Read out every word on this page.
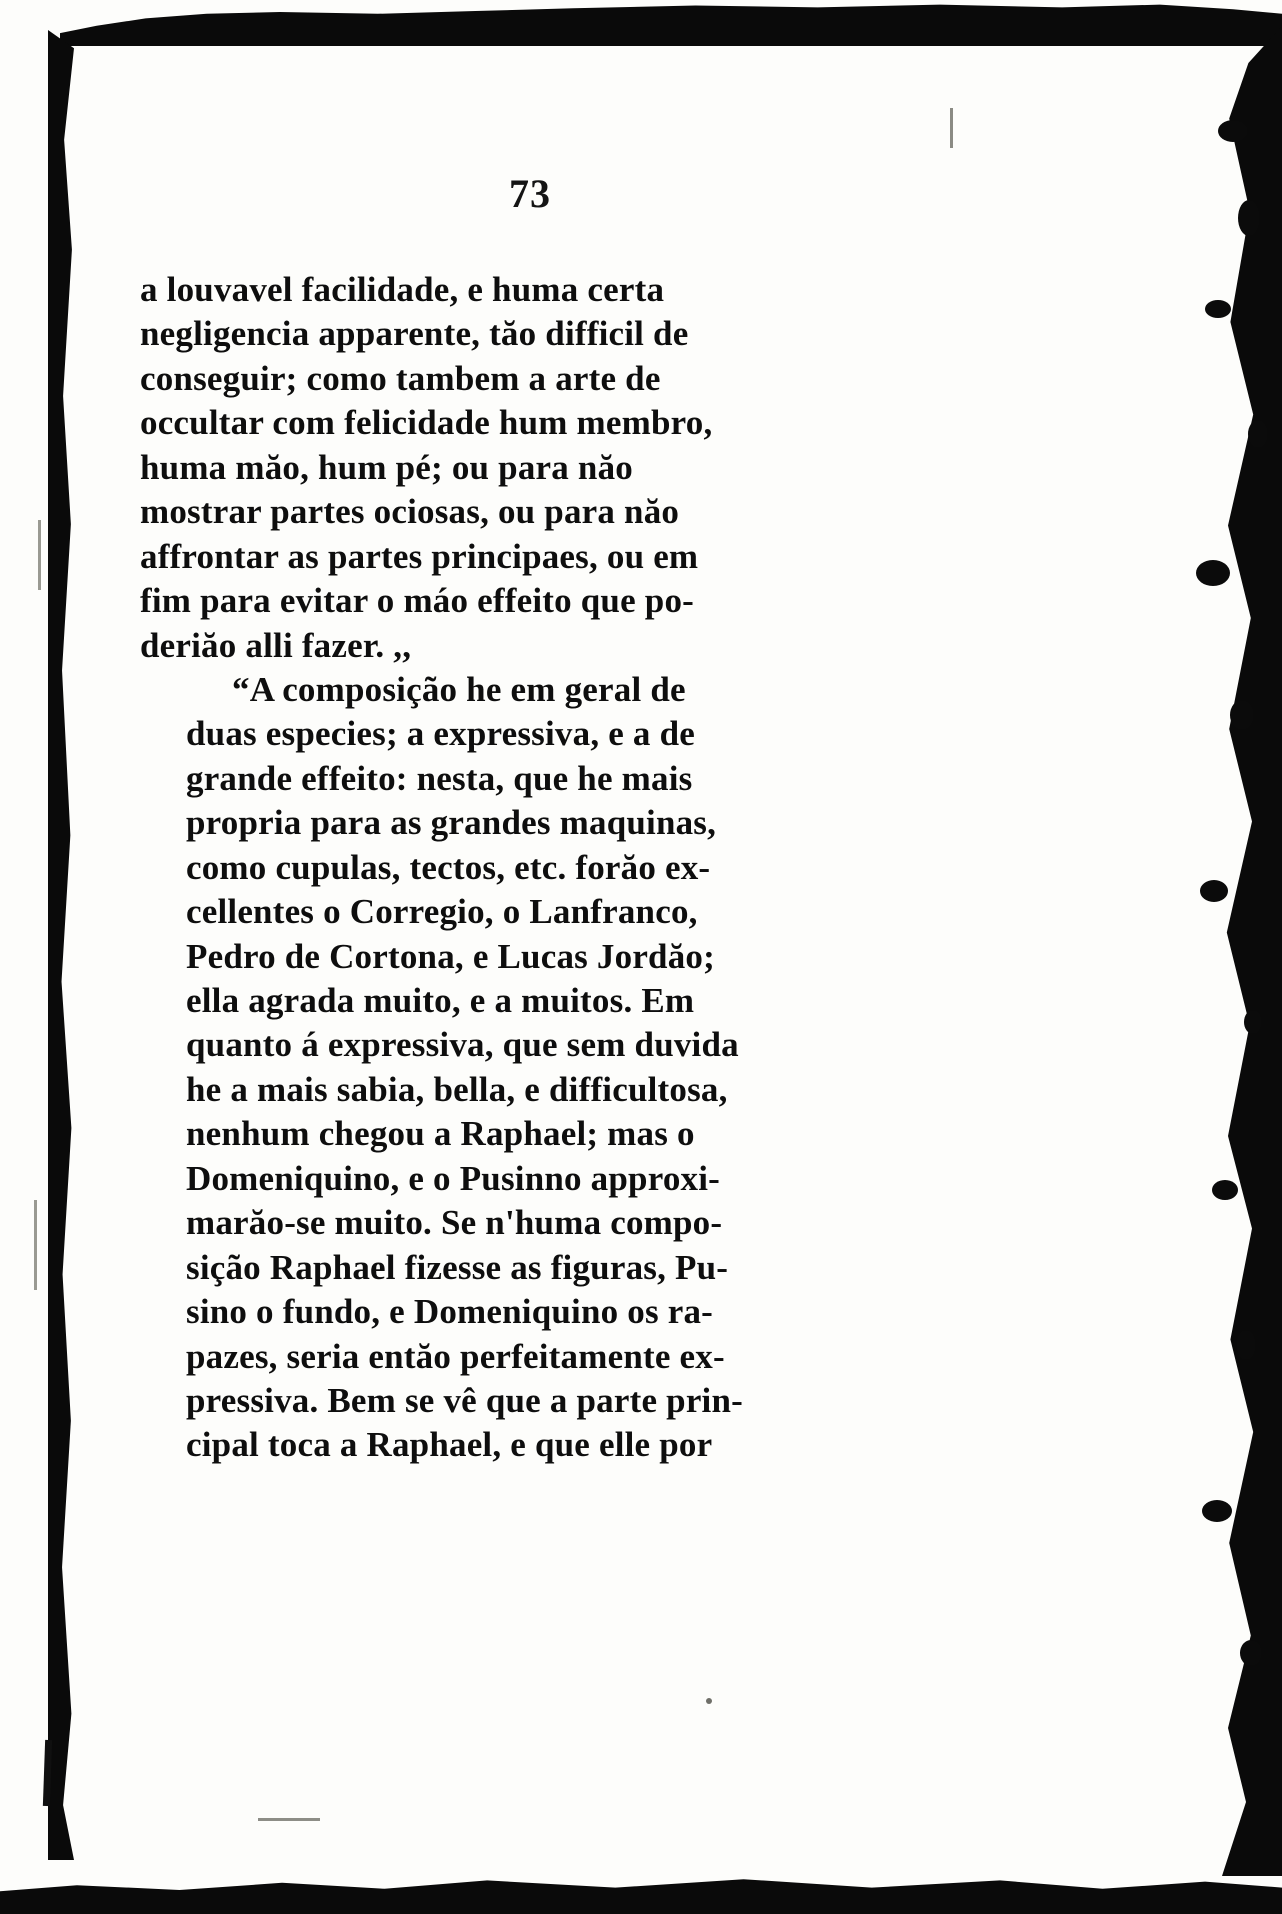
73

a louvavel facilidade, e huma certa
negligencia apparente, tăo difficil de
conseguir; como tambem a arte de
occultar com felicidade hum membro,
huma măo, hum pé; ou para năo
mostrar partes ociosas, ou para năo
affrontar as partes principaes, ou em
fim para evitar o máo effeito que po-
deriăo alli fazer. ,,

“A composição he em geral de
duas especies; a expressiva, e a de
grande effeito: nesta, que he mais
propria para as grandes maquinas,
como cupulas, tectos, etc. forăo ex-
cellentes o Corregio, o Lanfranco,
Pedro de Cortona, e Lucas Jordăo;
ella agrada muito, e a muitos. Em
quanto á expressiva, que sem duvida
he a mais sabia, bella, e difficultosa,
nenhum chegou a Raphael; mas o
Domeniquino, e o Pusinno approxi-
marăo-se muito. Se n'huma compo-
sição Raphael fizesse as figuras, Pu-
sino o fundo, e Domeniquino os ra-
pazes, seria entăo perfeitamente ex-
pressiva. Bem se vê que a parte prin-
cipal toca a Raphael, e que elle por
